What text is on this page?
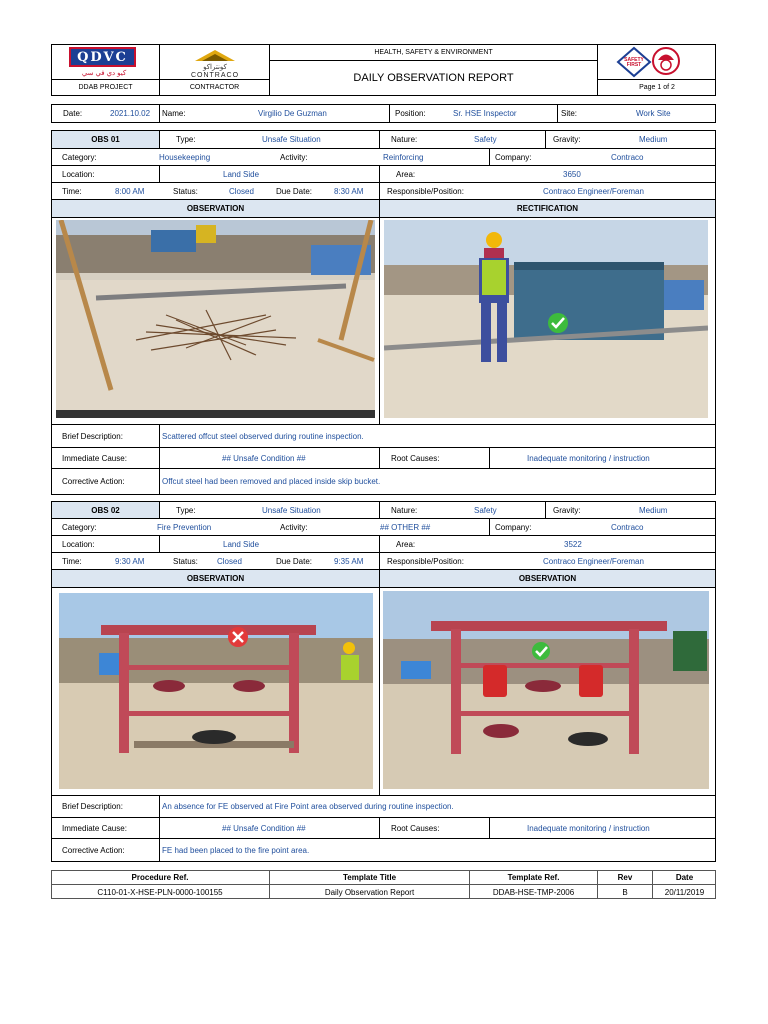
QDVC
كيو دي في سي
DDAB PROJECT
كونتراكو
CONTRACO
CONTRACTOR
HEALTH, SAFETY & ENVIRONMENT
DAILY OBSERVATION REPORT
SAFETY FIRST
Page 1 of 2
Date:	2021.10.02 Name:	Virgilio De Guzman	Position:	Sr. HSE Inspector	Site:	Work Site
OBS 01	Type:	Unsafe Situation	Nature:	Safety	Gravity:	Medium
Category:	Housekeeping	Activity:	Reinforcing	Company:	Contraco
Location:	Land Side	Area:	3650
Time:	8:00 AM	Status:	Closed	Due Date:	8:30 AM	Responsible/Position:	Contraco Engineer/Foreman
OBSERVATION	RECTIFICATION
Brief Description:	Scattered offcut steel observed during routine inspection.
Immediate Cause:	## Unsafe Condition ##	Root Causes:	Inadequate monitoring / instruction
Corrective Action:	Offcut steel had been removed and placed inside skip bucket.
OBS 02	Type:	Unsafe Situation	Nature:	Safety	Gravity:	Medium
Category:	Fire Prevention	Activity:	## OTHER ##	Company:	Contraco
Location:	Land Side	Area:	3522
Time:	9:30 AM	Status: Closed	Due Date:	9:35 AM	Responsible/Position:	Contraco Engineer/Foreman
OBSERVATION	OBSERVATION
Brief Description:	An absence for FE observed at Fire Point area observed during routine inspection.
Immediate Cause:	## Unsafe Condition ##	Root Causes:	Inadequate monitoring / instruction
Corrective Action:	FE had been placed to the fire point area.
Procedure Ref.	Template Title	Template Ref.	Rev	Date
C110-01-X-HSE-PLN-0000-100155	Daily Observation Report	DDAB-HSE-TMP-2006	B	20/11/2019
